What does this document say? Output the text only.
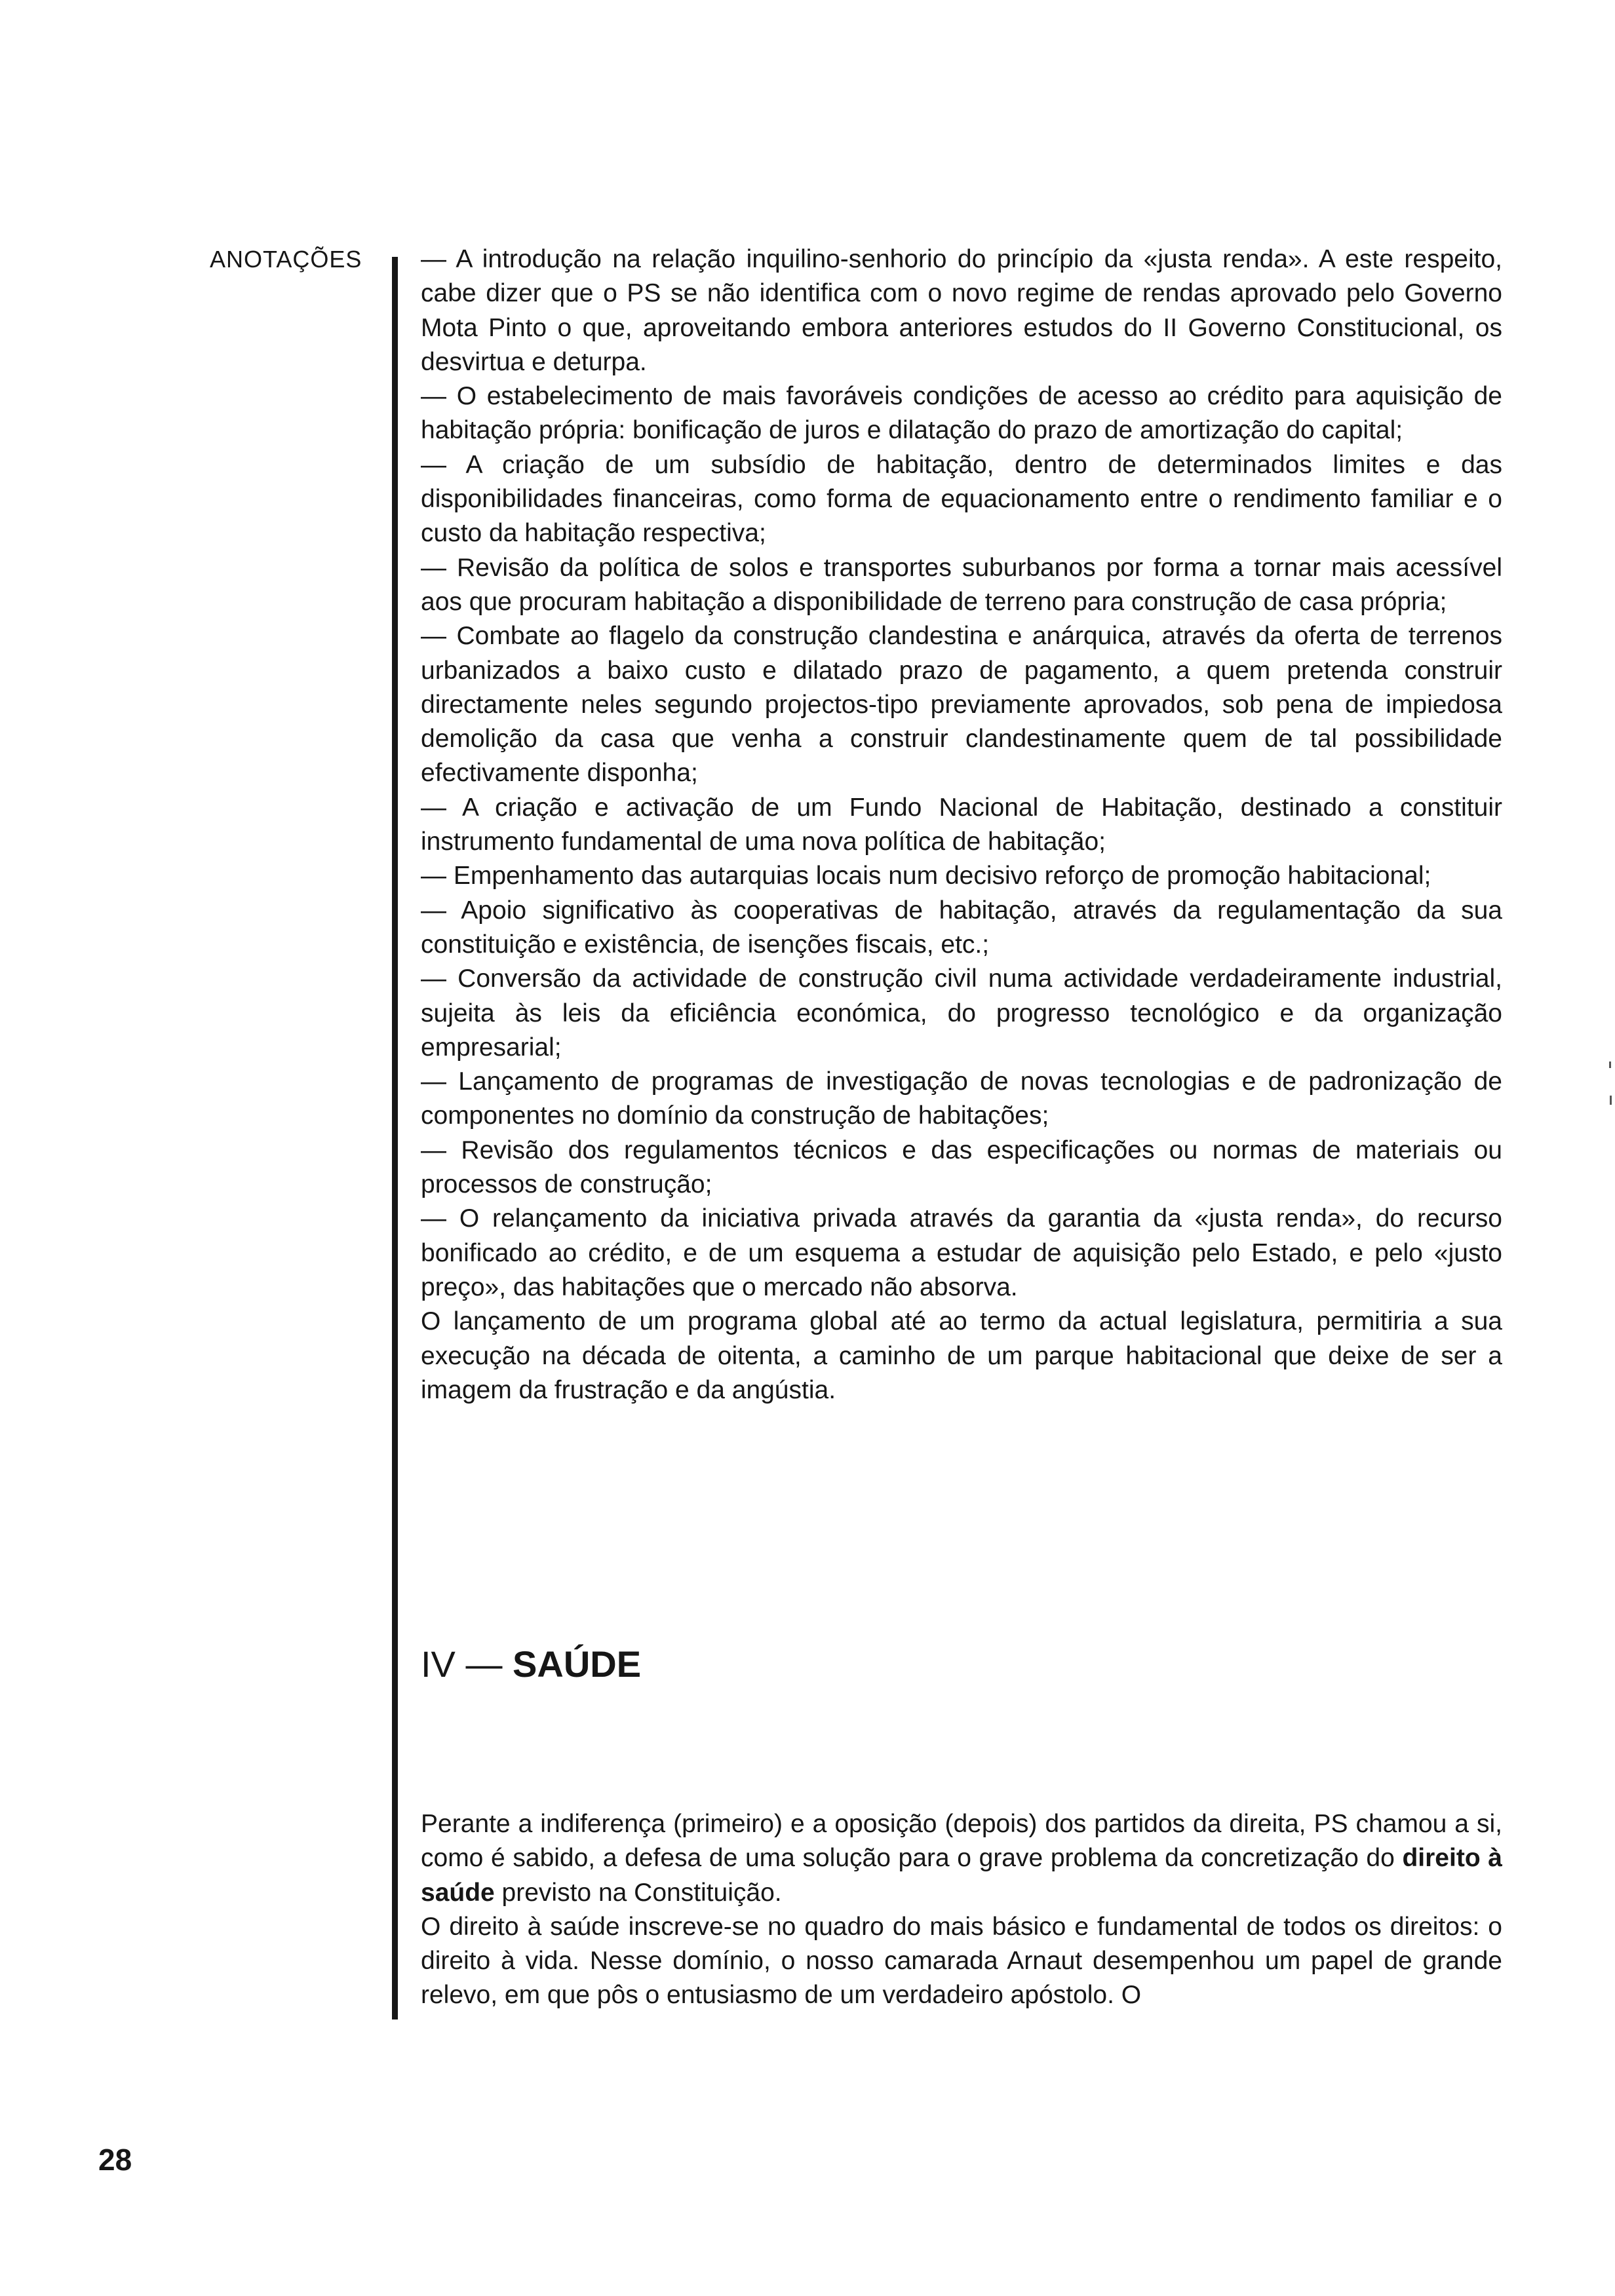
ANOTAÇÕES — A introdução na relação inquilino-senhorio do princípio da «justa renda». A este respeito, cabe dizer que o PS se não identifica com o novo regime de rendas aprovado pelo Governo Mota Pinto o que, aproveitando embora anteriores estudos do II Governo Constitucional, os desvirtua e deturpa.

— O estabelecimento de mais favoráveis condições de acesso ao crédito para aquisição de habitação própria: bonificação de juros e dilatação do prazo de amortização do capital;

— A criação de um subsídio de habitação, dentro de determinados limites e das disponibilidades financeiras, como forma de equacionamento entre o rendimento familiar e o custo da habitação respectiva;

— Revisão da política de solos e transportes suburbanos por forma a tornar mais acessível aos que procuram habitação a disponibilidade de terreno para construção de casa própria;

— Combate ao flagelo da construção clandestina e anárquica, através da oferta de terrenos urbanizados a baixo custo e dilatado prazo de pagamento, a quem pretenda construir directamente neles segundo projectos-tipo previamente aprovados, sob pena de impiedosa demolição da casa que venha a construir clandestinamente quem de tal possibilidade efectivamente disponha;

— A criação e activação de um Fundo Nacional de Habitação, destinado a constituir instrumento fundamental de uma nova política de habitação;

— Empenhamento das autarquias locais num decisivo reforço de promoção habitacional;

— Apoio significativo às cooperativas de habitação, através da regulamentação da sua constituição e existência, de isenções fiscais, etc.;

— Conversão da actividade de construção civil numa actividade verdadeiramente industrial, sujeita às leis da eficiência económica, do progresso tecnológico e da organização empresarial;

— Lançamento de programas de investigação de novas tecnologias e de padronização de componentes no domínio da construção de habitações;

— Revisão dos regulamentos técnicos e das especificações ou normas de materiais ou processos de construção;

— O relançamento da iniciativa privada através da garantia da «justa renda», do recurso bonificado ao crédito, e de um esquema a estudar de aquisição pelo Estado, e pelo «justo preço», das habitações que o mercado não absorva.

O lançamento de um programa global até ao termo da actual legislatura, permitiria a sua execução na década de oitenta, a caminho de um parque habitacional que deixe de ser a imagem da frustração e da angústia.

IV — SAÚDE

Perante a indiferença (primeiro) e a oposição (depois) dos partidos da direita, PS chamou a si, como é sabido, a defesa de uma solução para o grave problema da concretização do direito à saúde previsto na Constituição.

O direito à saúde inscreve-se no quadro do mais básico e fundamental de todos os direitos: o direito à vida. Nesse domínio, o nosso camarada Arnaut desempenhou um papel de grande relevo, em que pôs o entusiasmo de um verdadeiro apóstolo. O

28
